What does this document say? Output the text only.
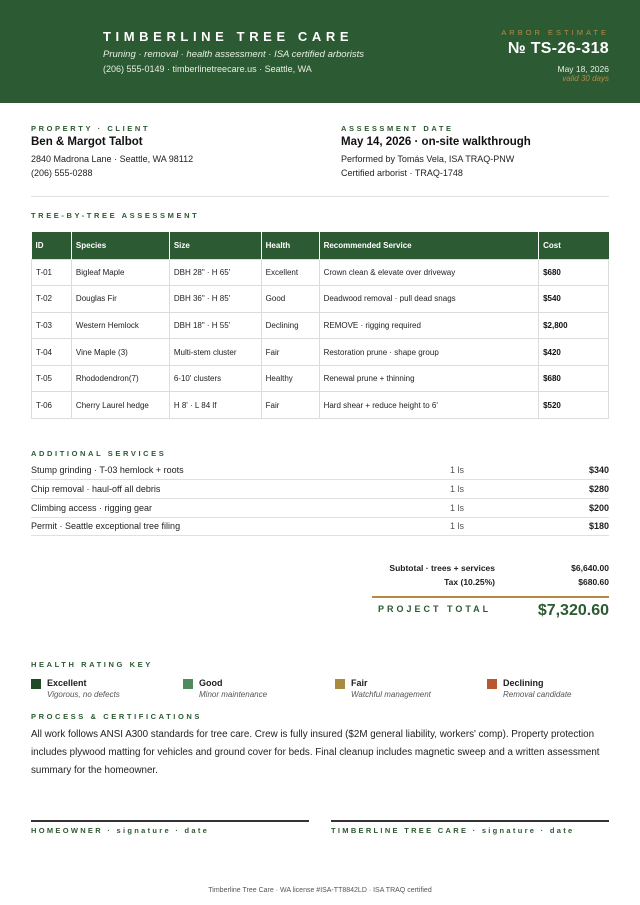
TIMBERLINE TREE CARE
Pruning · removal · health assessment · ISA certified arborists
(206) 555-0149 · timberlinetreecare.us · Seattle, WA
ARBOR ESTIMATE
№ TS-26-318
May 18, 2026
valid 30 days
PROPERTY · CLIENT
Ben & Margot Talbot
2840 Madrona Lane · Seattle, WA 98112
(206) 555-0288
ASSESSMENT DATE
May 14, 2026 · on-site walkthrough
Performed by Tomás Vela, ISA TRAQ-PNW
Certified arborist · TRAQ-1748
TREE-BY-TREE ASSESSMENT
ID	Species	Size	Health	Recommended Service	Cost
T-01	Bigleaf Maple	DBH 28" · H 65'	Excellent	Crown clean & elevate over driveway	$680
T-02	Douglas Fir	DBH 36" · H 85'	Good	Deadwood removal · pull dead snags	$540
T-03	Western Hemlock	DBH 18" · H 55'	Declining	REMOVE · rigging required	$2,800
T-04	Vine Maple (3)	Multi-stem cluster	Fair	Restoration prune · shape group	$420
T-05	Rhododendron(7)	6-10' clusters	Healthy	Renewal prune + thinning	$680
T-06	Cherry Laurel hedge	H 8' · L 84 lf	Fair	Hard shear + reduce height to 6'	$520
ADDITIONAL SERVICES
Stump grinding · T-03 hemlock + roots	1 ls	$340
Chip removal · haul-off all debris	1 ls	$280
Climbing access · rigging gear	1 ls	$200
Permit · Seattle exceptional tree filing	1 ls	$180
Subtotal · trees + services	$6,640.00
Tax (10.25%)	$680.60
PROJECT TOTAL	$7,320.60
HEALTH RATING KEY
Excellent
Vigorous, no defects
Good
Minor maintenance
Fair
Watchful management
Declining
Removal candidate
PROCESS & CERTIFICATIONS
All work follows ANSI A300 standards for tree care. Crew is fully insured ($2M general liability, workers' comp). Property protection includes plywood matting for vehicles and ground cover for beds. Final cleanup includes magnetic sweep and a written assessment summary for the homeowner.
HOMEOWNER · signature · date	TIMBERLINE TREE CARE · signature · date
Timberline Tree Care · WA license #ISA-TT8842LD · ISA TRAQ certified
